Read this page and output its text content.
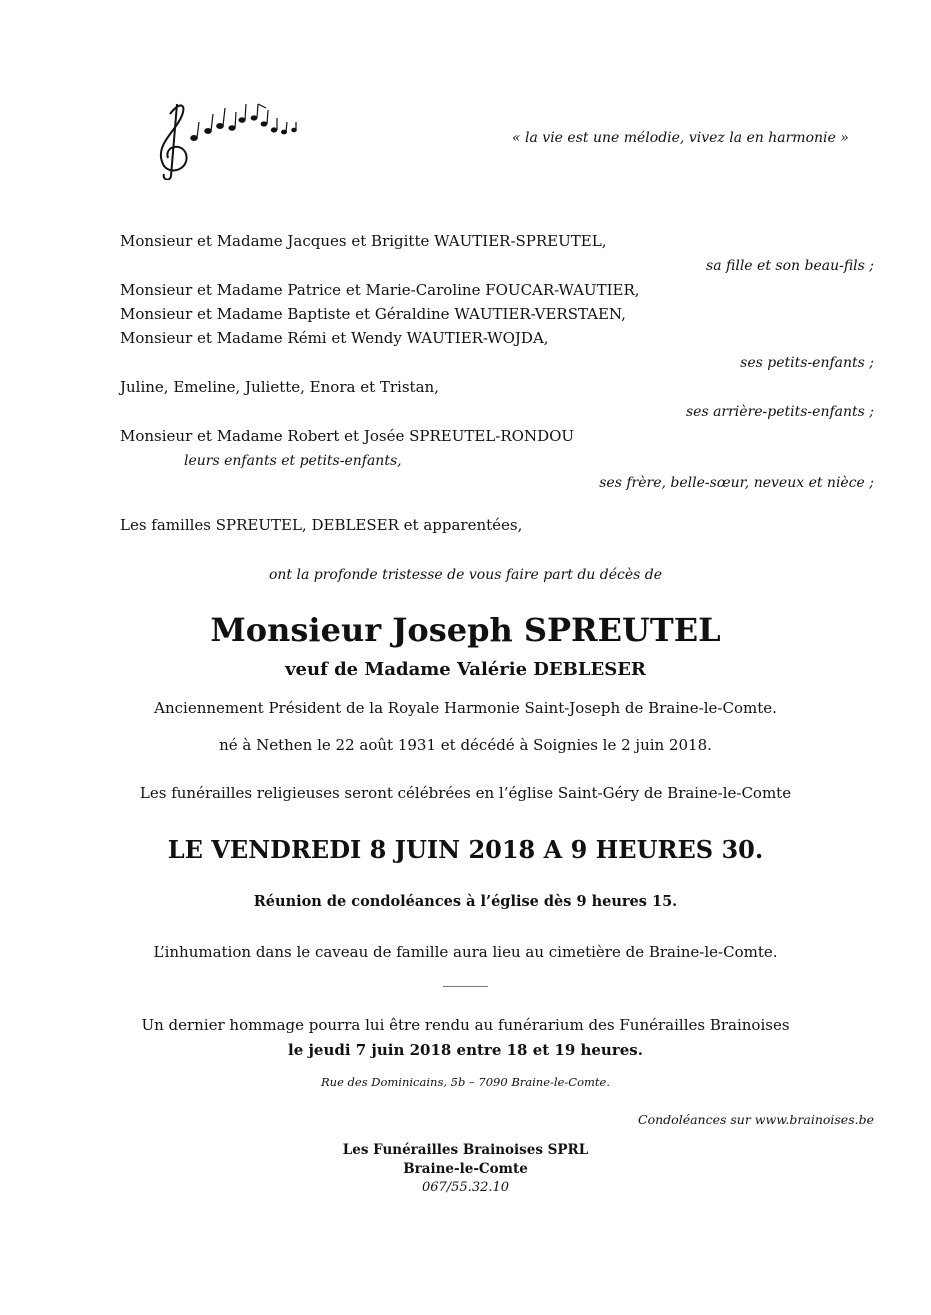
« la vie est une mélodie, vivez la en harmonie »
Monsieur et Madame Jacques et Brigitte WAUTIER-SPREUTEL,
sa fille et son beau-fils ;
Monsieur et Madame Patrice et Marie-Caroline FOUCAR-WAUTIER,
Monsieur et Madame Baptiste et Géraldine WAUTIER-VERSTAEN,
Monsieur et Madame Rémi et Wendy WAUTIER-WOJDA,
ses petits-enfants ;
Juline, Emeline, Juliette, Enora et Tristan,
ses arrière-petits-enfants ;
Monsieur et Madame Robert et Josée SPREUTEL-RONDOU
leurs enfants et petits-enfants,
ses frère, belle-sœur, neveux et nièce ;
Les familles SPREUTEL, DEBLESER et apparentées,
ont la profonde tristesse de vous faire part du décès de
Monsieur Joseph SPREUTEL
veuf de Madame Valérie DEBLESER
Anciennement Président de la Royale Harmonie Saint-Joseph de Braine-le-Comte.
né à Nethen le 22 août 1931 et décédé à Soignies le 2 juin 2018.
Les funérailles religieuses seront célébrées en l’église Saint-Géry de Braine-le-Comte
LE VENDREDI 8 JUIN 2018 A 9 HEURES 30.
Réunion de condoléances à l’église dès 9 heures 15.
L’inhumation dans le caveau de famille aura lieu au cimetière de Braine-le-Comte.
______
Un dernier hommage pourra lui être rendu au funérarium des Funérailles Brainoises
le jeudi 7 juin 2018 entre 18 et 19 heures.
Rue des Dominicains, 5b – 7090 Braine-le-Comte.
Condoléances sur www.brainoises.be
Les Funérailles Brainoises SPRL
Braine-le-Comte
067/55.32.10
